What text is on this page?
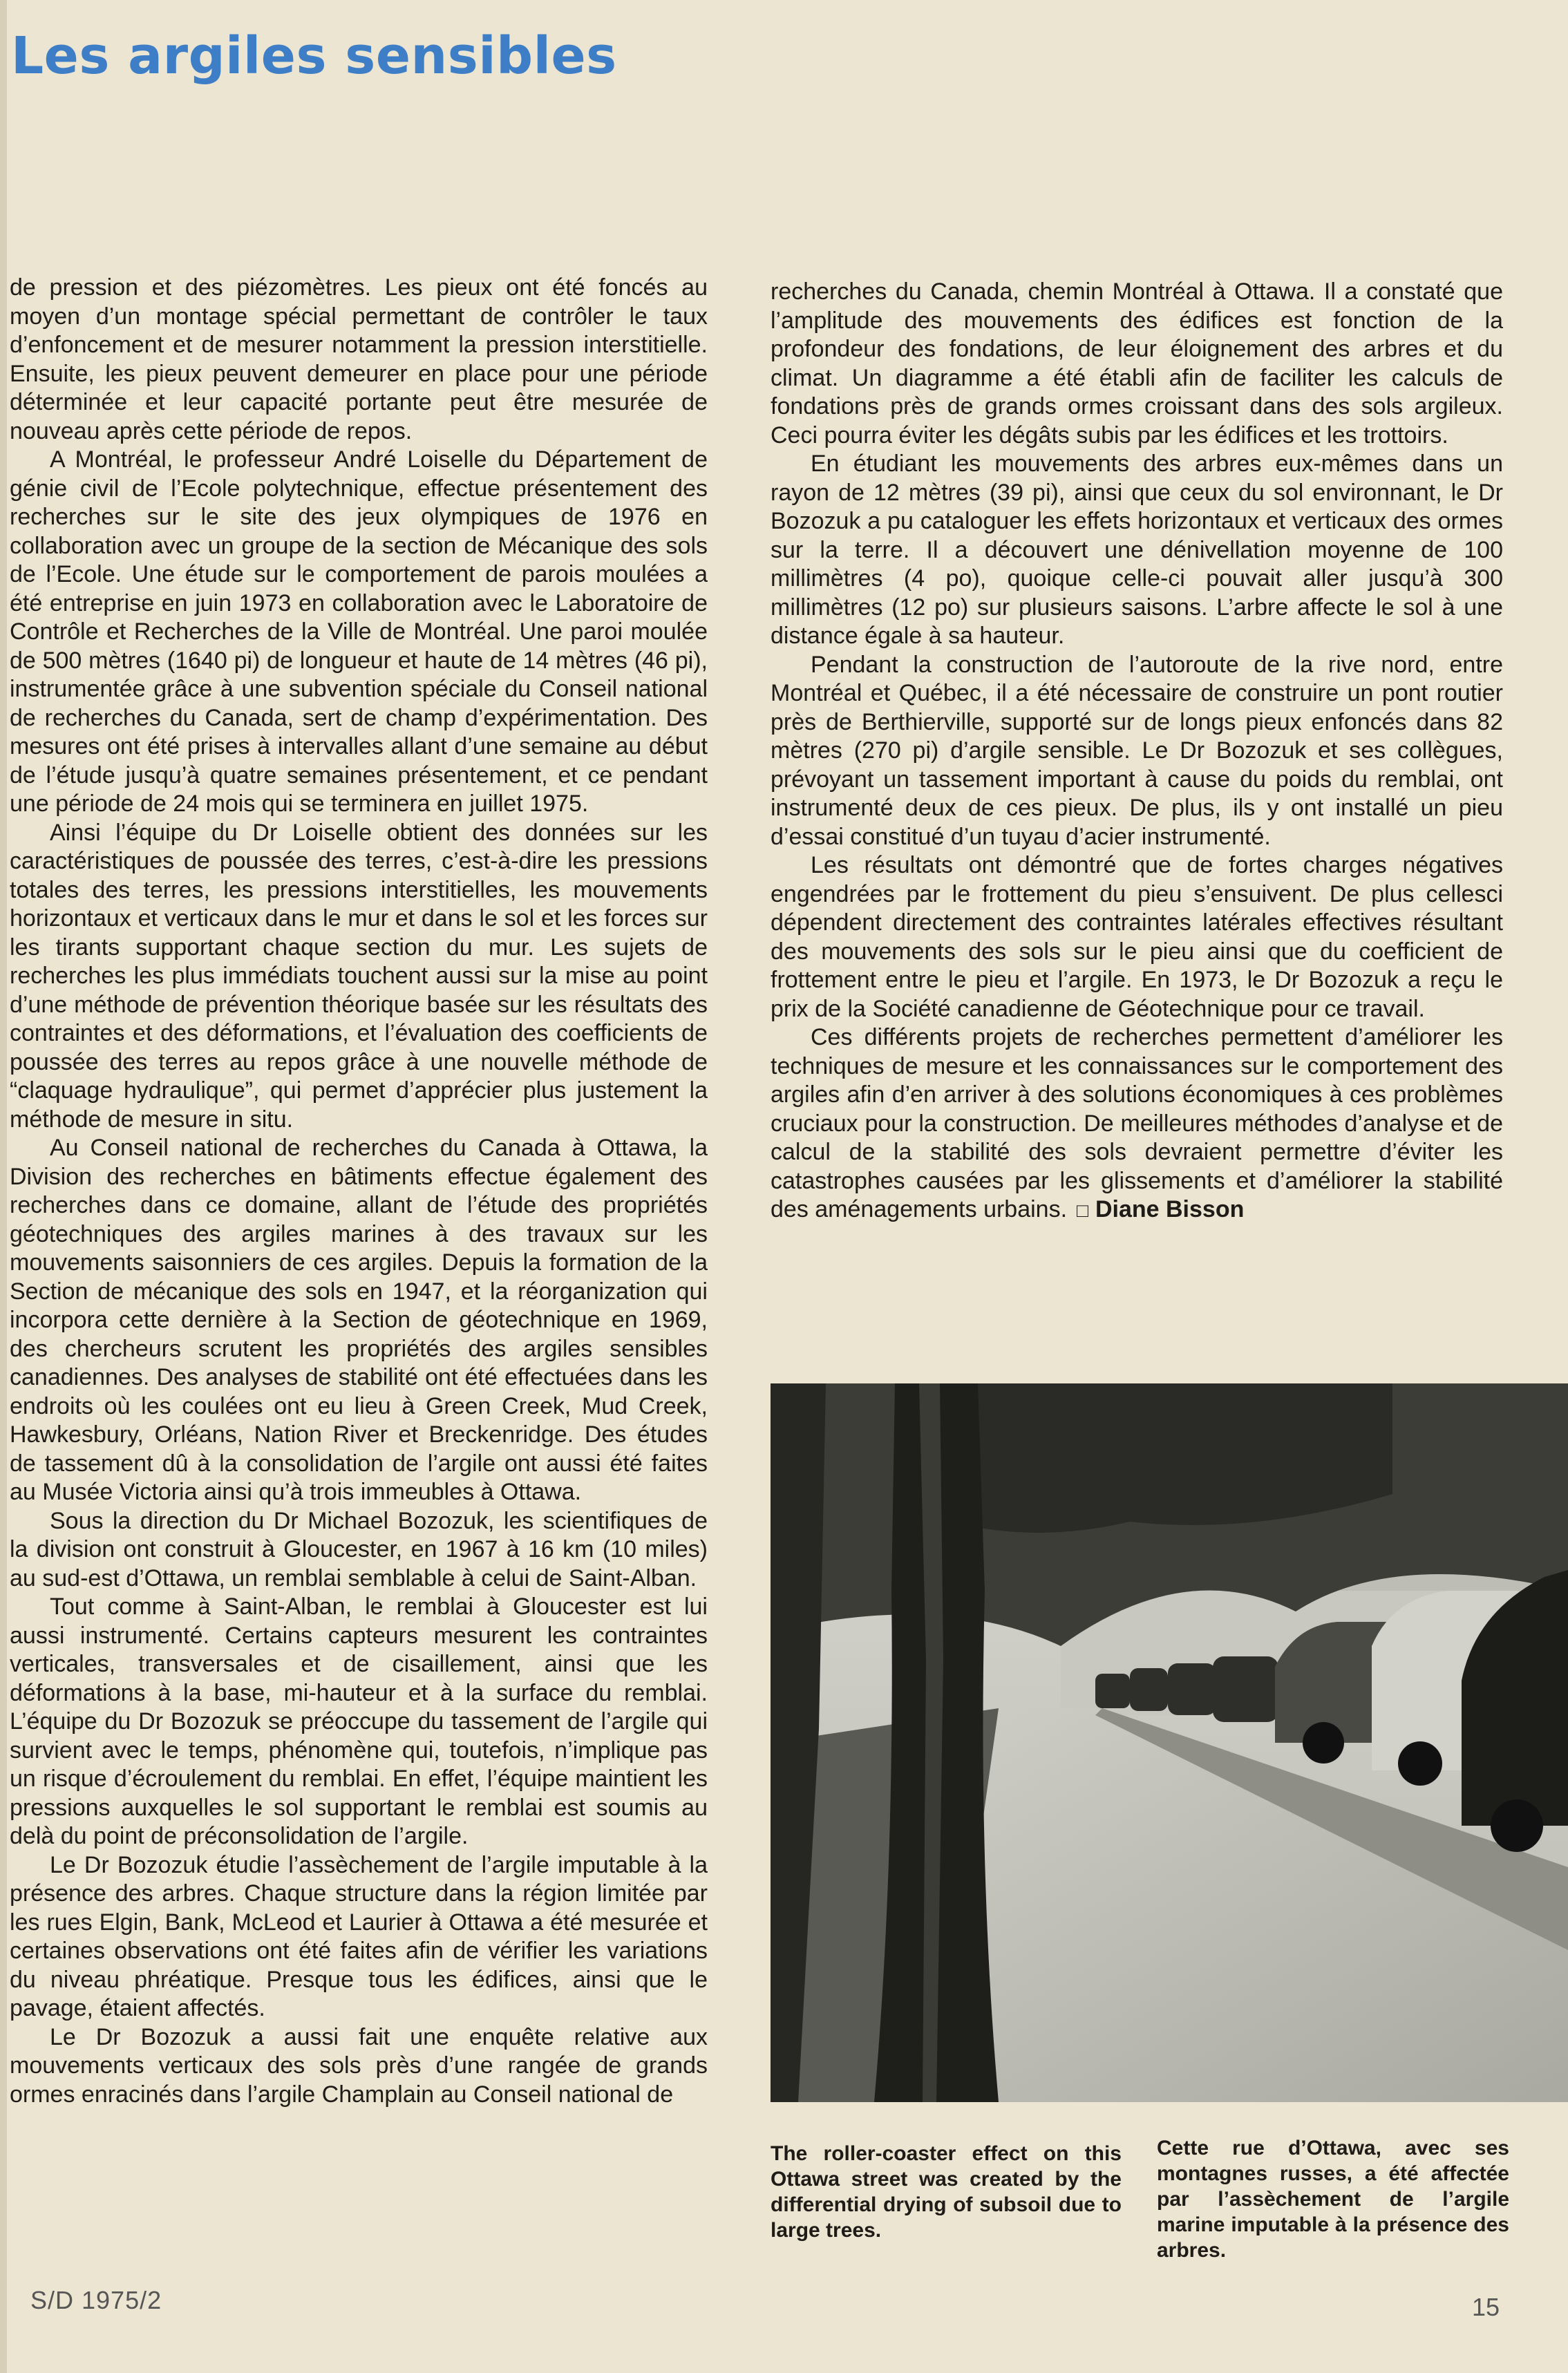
Les argiles sensibles

de pression et des piézomètres. Les pieux ont été foncés au moyen d’un montage spécial permettant de contrôler le taux d’enfoncement et de mesurer notamment la pression interstitielle. Ensuite, les pieux peuvent demeurer en place pour une période déterminée et leur capacité portante peut être mesurée de nouveau après cette période de repos.

A Montréal, le professeur André Loiselle du Département de génie civil de l’Ecole polytechnique, effectue présentement des recherches sur le site des jeux olympiques de 1976 en collaboration avec un groupe de la section de Mécanique des sols de l’Ecole. Une étude sur le comportement de parois moulées a été entreprise en juin 1973 en collaboration avec le Laboratoire de Contrôle et Recherches de la Ville de Montréal. Une paroi moulée de 500 mètres (1640 pi) de longueur et haute de 14 mètres (46 pi), instrumentée grâce à une subvention spéciale du Conseil national de recherches du Canada, sert de champ d’expérimentation. Des mesures ont été prises à intervalles allant d’une semaine au début de l’étude jusqu’à quatre semaines présentement, et ce pendant une période de 24 mois qui se terminera en juillet 1975.

Ainsi l’équipe du Dr Loiselle obtient des données sur les caractéristiques de poussée des terres, c’est-à-dire les pressions totales des terres, les pressions interstitielles, les mouvements horizontaux et verticaux dans le mur et dans le sol et les forces sur les tirants supportant chaque section du mur. Les sujets de recherches les plus immédiats touchent aussi sur la mise au point d’une méthode de prévention théorique basée sur les résultats des contraintes et des déformations, et l’évaluation des coefficients de poussée des terres au repos grâce à une nouvelle méthode de “claquage hydraulique”, qui permet d’apprécier plus justement la méthode de mesure in situ.

Au Conseil national de recherches du Canada à Ottawa, la Division des recherches en bâtiments effectue également des recherches dans ce domaine, allant de l’étude des propriétés géotechniques des argiles marines à des travaux sur les mouvements saisonniers de ces argiles. Depuis la formation de la Section de mécanique des sols en 1947, et la réorganization qui incorpora cette dernière à la Section de géotechnique en 1969, des chercheurs scrutent les propriétés des argiles sensibles canadiennes. Des analyses de stabilité ont été effectuées dans les endroits où les coulées ont eu lieu à Green Creek, Mud Creek, Hawkesbury, Orléans, Nation River et Breckenridge. Des études de tassement dû à la consolidation de l’argile ont aussi été faites au Musée Victoria ainsi qu’à trois immeubles à Ottawa.

Sous la direction du Dr Michael Bozozuk, les scientifiques de la division ont construit à Gloucester, en 1967 à 16 km (10 miles) au sud-est d’Ottawa, un remblai semblable à celui de Saint-Alban.

Tout comme à Saint-Alban, le remblai à Gloucester est lui aussi instrumenté. Certains capteurs mesurent les contraintes verticales, transversales et de cisaillement, ainsi que les déformations à la base, mi-hauteur et à la surface du remblai. L’équipe du Dr Bozozuk se préoccupe du tassement de l’argile qui survient avec le temps, phénomène qui, toutefois, n’implique pas un risque d’écroulement du remblai. En effet, l’équipe maintient les pressions auxquelles le sol supportant le remblai est soumis au delà du point de préconsolidation de l’argile.

Le Dr Bozozuk étudie l’assèchement de l’argile imputable à la présence des arbres. Chaque structure dans la région limitée par les rues Elgin, Bank, McLeod et Laurier à Ottawa a été mesurée et certaines observations ont été faites afin de vérifier les variations du niveau phréatique. Presque tous les édifices, ainsi que le pavage, étaient affectés.

Le Dr Bozozuk a aussi fait une enquête relative aux mouvements verticaux des sols près d’une rangée de grands ormes enracinés dans l’argile Champlain au Conseil national de

recherches du Canada, chemin Montréal à Ottawa. Il a constaté que l’amplitude des mouvements des édifices est fonction de la profondeur des fondations, de leur éloignement des arbres et du climat. Un diagramme a été établi afin de faciliter les calculs de fondations près de grands ormes croissant dans des sols argileux. Ceci pourra éviter les dégâts subis par les édifices et les trottoirs.

En étudiant les mouvements des arbres eux-mêmes dans un rayon de 12 mètres (39 pi), ainsi que ceux du sol environnant, le Dr Bozozuk a pu cataloguer les effets horizontaux et verticaux des ormes sur la terre. Il a découvert une dénivellation moyenne de 100 millimètres (4 po), quoique celle-ci pouvait aller jusqu’à 300 millimètres (12 po) sur plusieurs saisons. L’arbre affecte le sol à une distance égale à sa hauteur.

Pendant la construction de l’autoroute de la rive nord, entre Montréal et Québec, il a été nécessaire de construire un pont routier près de Berthierville, supporté sur de longs pieux enfoncés dans 82 mètres (270 pi) d’argile sensible. Le Dr Bozozuk et ses collègues, prévoyant un tassement important à cause du poids du remblai, ont instrumenté deux de ces pieux. De plus, ils y ont installé un pieu d’essai constitué d’un tuyau d’acier instrumenté.

Les résultats ont démontré que de fortes charges négatives engendrées par le frottement du pieu s’ensuivent. De plus cellesci dépendent directement des contraintes latérales effectives résultant des mouvements des sols sur le pieu ainsi que du coefficient de frottement entre le pieu et l’argile. En 1973, le Dr Bozozuk a reçu le prix de la Société canadienne de Géotechnique pour ce travail.

Ces différents projets de recherches permettent d’améliorer les techniques de mesure et les connaissances sur le comportement des argiles afin d’en arriver à des solutions économiques à ces problèmes cruciaux pour la construction. De meilleures méthodes d’analyse et de calcul de la stabilité des sols devraient permettre d’éviter les catastrophes causées par les glissements et d’améliorer la stabilité des aménagements urbains. □ Diane Bisson

The roller-coaster effect on this Ottawa street was created by the differential drying of subsoil due to large trees.

Cette rue d’Ottawa, avec ses montagnes russes, a été affectée par l’assèchement de l’argile marine imputable à la présence des arbres.

S/D 1975/2	15
